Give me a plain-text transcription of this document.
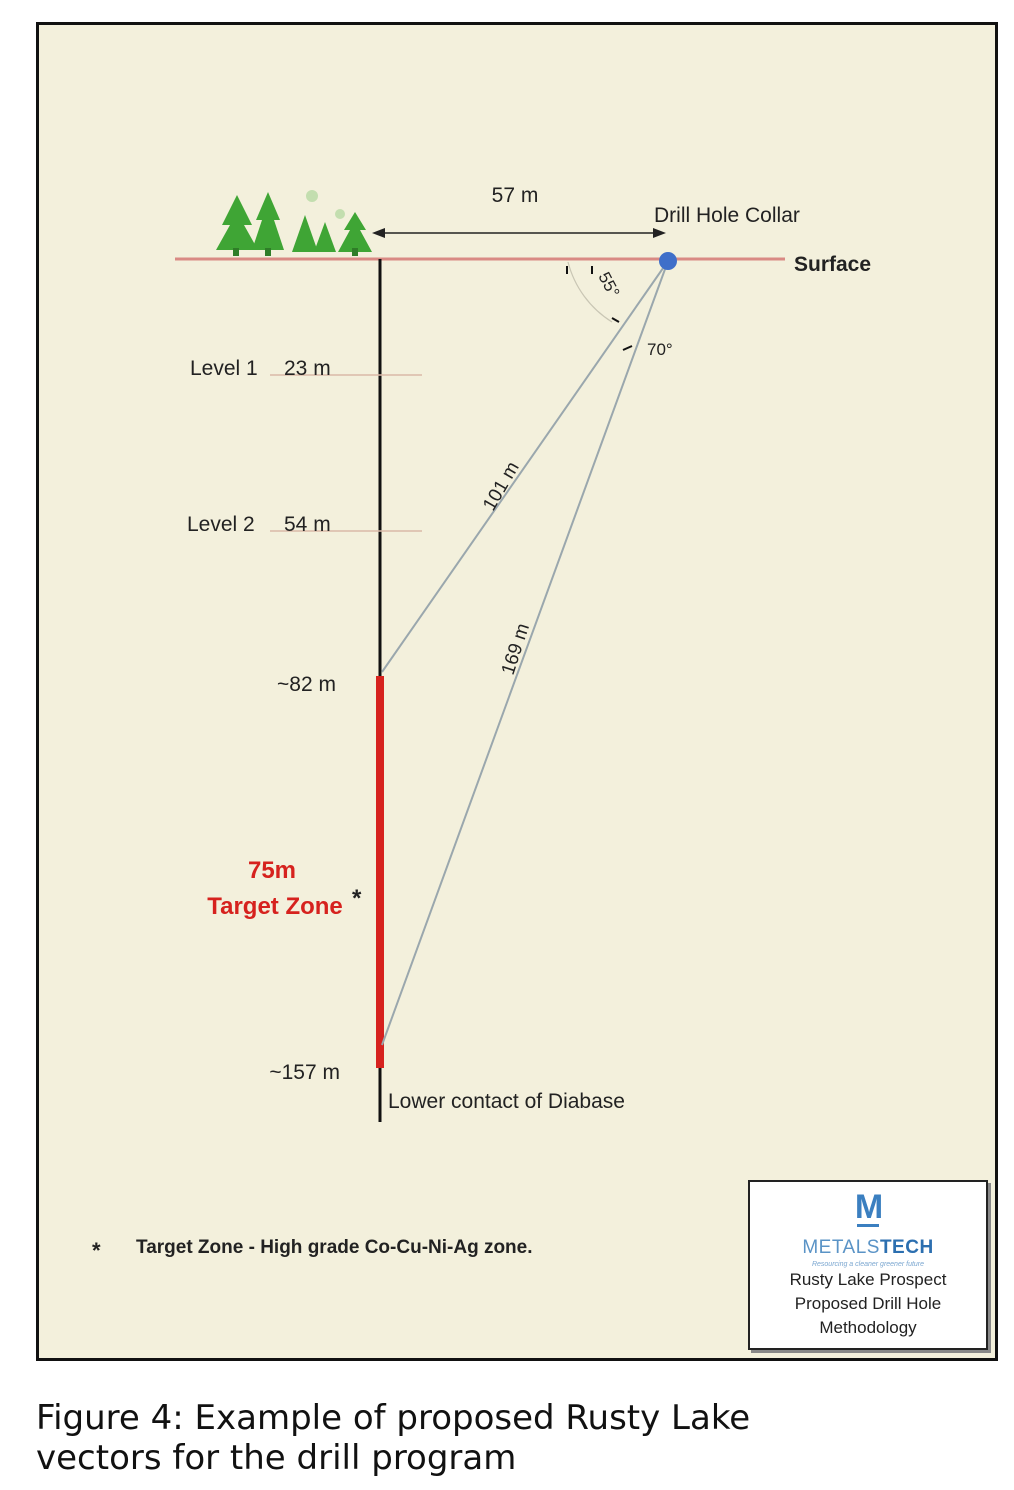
57 m
Drill Hole Collar
Surface
55°
70°
Level 1 23 m
Level 2 54 m
~82 m
~157 m
101 m
169 m
75m
Target Zone *
Lower contact of Diabase
* Target Zone - High grade Co-Cu-Ni-Ag zone.
M
METALSTECH
Resourcing a cleaner greener future
Rusty Lake Prospect
Proposed Drill Hole
Methodology
Figure 4: Example of proposed Rusty Lake
vectors for the drill program
